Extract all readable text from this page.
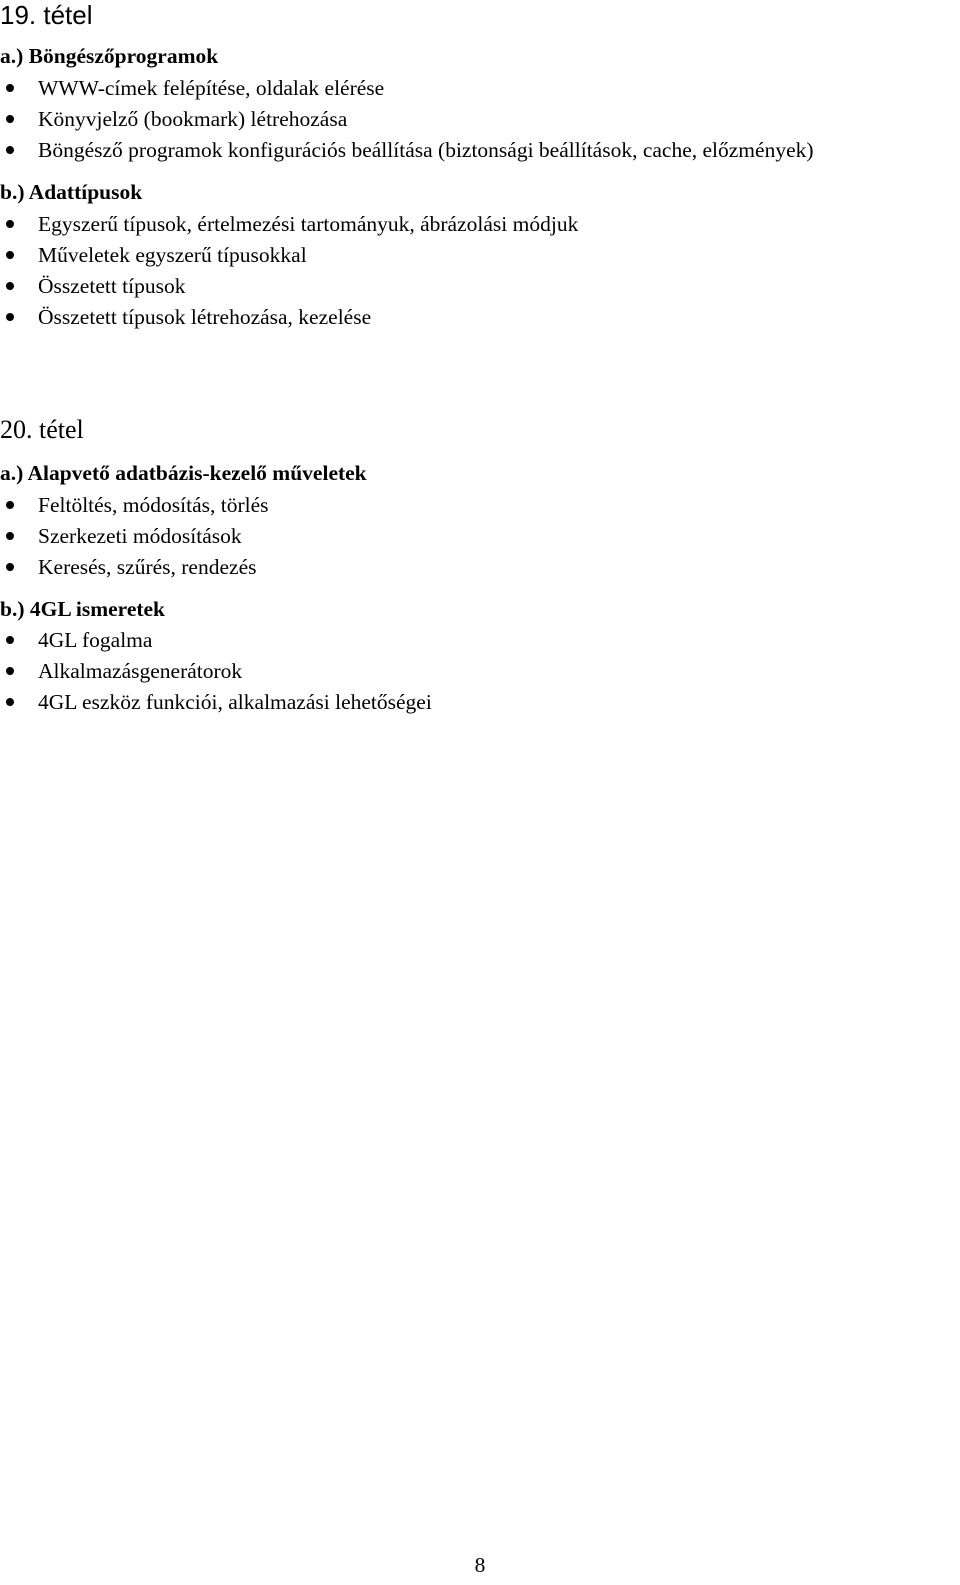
19. tétel
a.) Böngészőprogramok
WWW-címek felépítése, oldalak elérése
Könyvjelző (bookmark) létrehozása
Böngésző programok konfigurációs beállítása (biztonsági beállítások, cache, előzmények)
b.) Adattípusok
Egyszerű típusok, értelmezési tartományuk, ábrázolási módjuk
Műveletek egyszerű típusokkal
Összetett típusok
Összetett típusok létrehozása, kezelése
20. tétel
a.) Alapvető adatbázis-kezelő műveletek
Feltöltés, módosítás, törlés
Szerkezeti módosítások
Keresés, szűrés, rendezés
b.) 4GL ismeretek
4GL fogalma
Alkalmazásgenerátorok
4GL eszköz funkciói, alkalmazási lehetőségei
8
